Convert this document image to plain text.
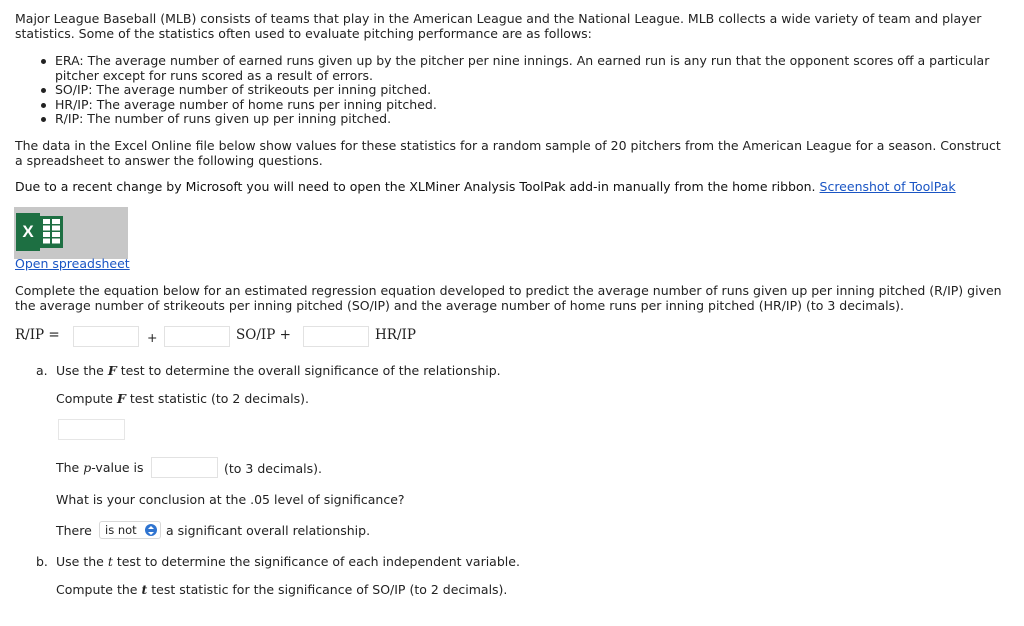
Major League Baseball (MLB) consists of teams that play in the American League and the National League. MLB collects a wide variety of team and player statistics. Some of the statistics often used to evaluate pitching performance are as follows:

ERA: The average number of earned runs given up by the pitcher per nine innings. An earned run is any run that the opponent scores off a particular pitcher except for runs scored as a result of errors.
SO/IP: The average number of strikeouts per inning pitched.
HR/IP: The average number of home runs per inning pitched.
R/IP: The number of runs given up per inning pitched.

The data in the Excel Online file below show values for these statistics for a random sample of 20 pitchers from the American League for a season. Construct a spreadsheet to answer the following questions.

Due to a recent change by Microsoft you will need to open the XLMiner Analysis ToolPak add-in manually from the home ribbon. Screenshot of ToolPak

X
Open spreadsheet

Complete the equation below for an estimated regression equation developed to predict the average number of runs given up per inning pitched (R/IP) given the average number of strikeouts per inning pitched (SO/IP) and the average number of home runs per inning pitched (HR/IP) (to 3 decimals).

R/IP =	+	SO/IP +	HR/IP
a. Use the F test to determine the overall significance of the relationship.

Compute F test statistic (to 2 decimals).

The p-value is	(to 3 decimals).

What is your conclusion at the .05 level of significance?

There	is not	a significant overall relationship.
b. Use the t test to determine the significance of each independent variable.

Compute the t test statistic for the significance of SO/IP (to 2 decimals).
